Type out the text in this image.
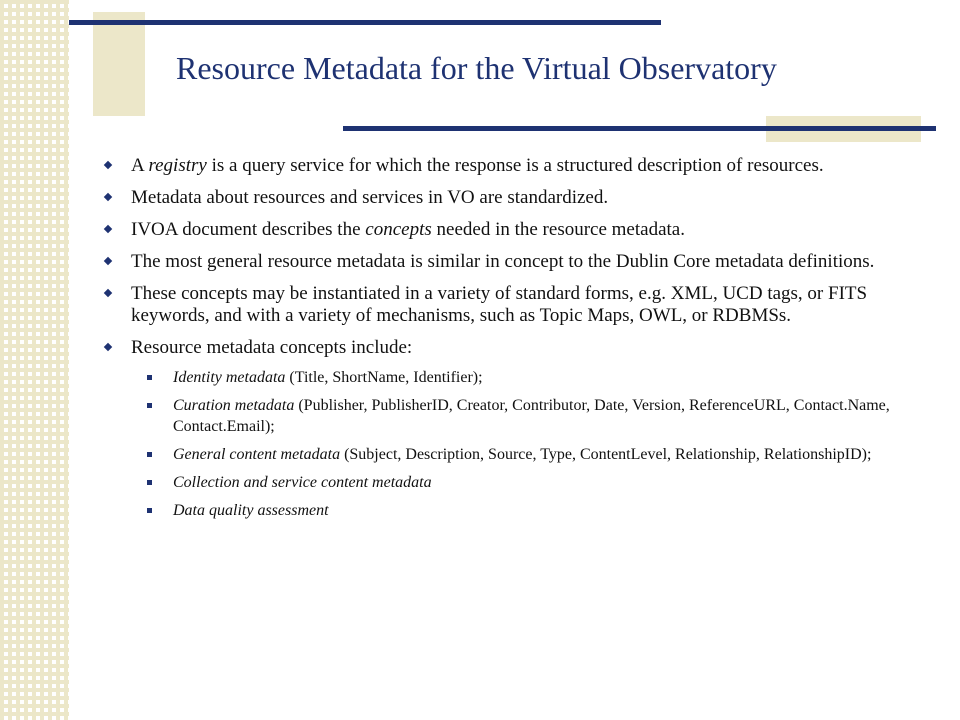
Resource Metadata for the Virtual Observatory
A registry is a query service for which the response is a structured description of resources.
Metadata about resources and services in VO are standardized.
IVOA document describes the concepts needed in the resource metadata.
The most general resource metadata is similar in concept to the Dublin Core metadata definitions.
These concepts may be instantiated in a variety of standard forms, e.g. XML, UCD tags, or FITS keywords, and with a variety of mechanisms, such as Topic Maps, OWL, or RDBMSs.
Resource metadata concepts include:
Identity metadata (Title, ShortName, Identifier);
Curation metadata (Publisher, PublisherID, Creator, Contributor, Date, Version, ReferenceURL, Contact.Name, Contact.Email);
General content metadata (Subject, Description, Source, Type, ContentLevel, Relationship, RelationshipID);
Collection and service content metadata
Data quality assessment
